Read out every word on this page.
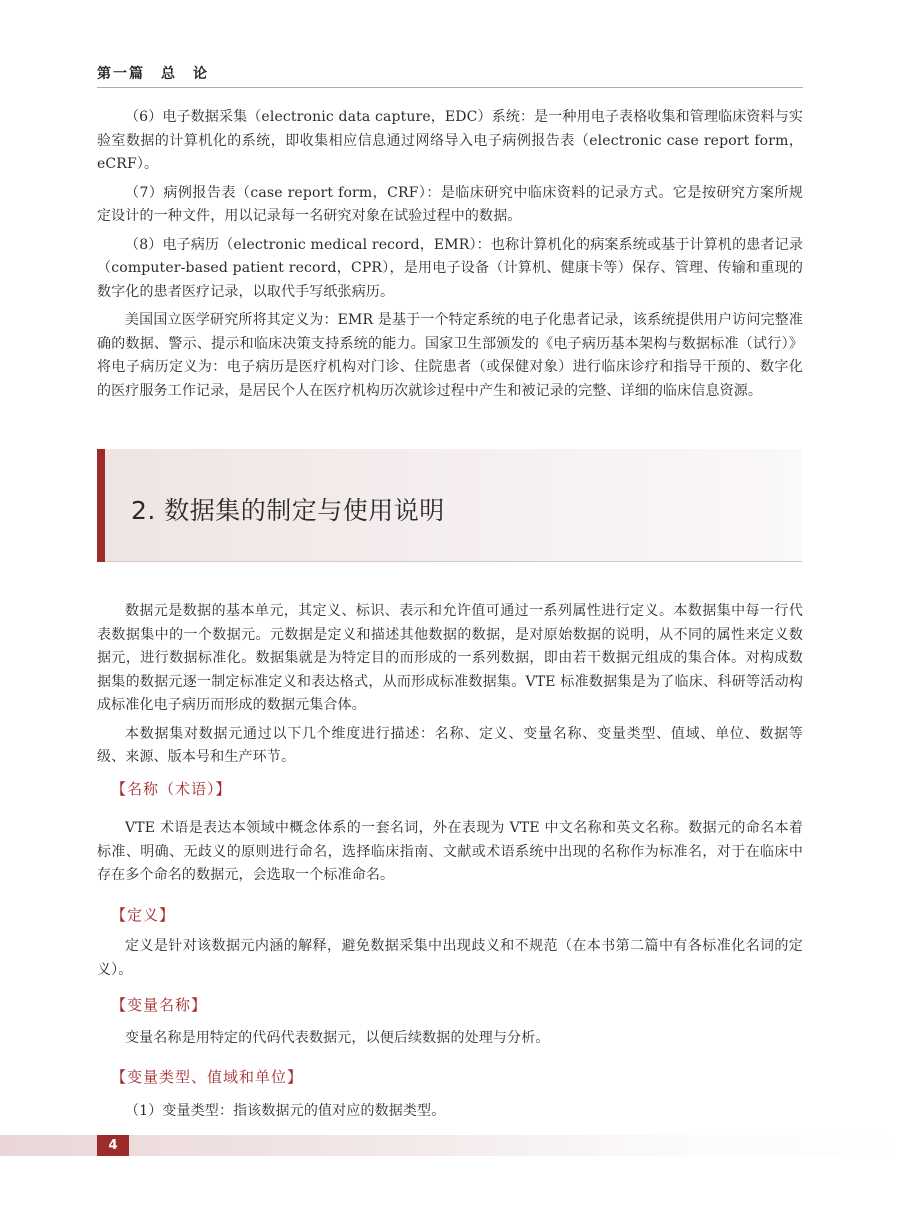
第一篇　总　论

（6）电子数据采集（electronic data capture，EDC）系统：是一种用电子表格收集和管理临床资料与实验室数据的计算机化的系统，即收集相应信息通过网络导入电子病例报告表（electronic case report form，eCRF）。

（7）病例报告表（case report form，CRF）：是临床研究中临床资料的记录方式。它是按研究方案所规定设计的一种文件，用以记录每一名研究对象在试验过程中的数据。

（8）电子病历（electronic medical record，EMR）：也称计算机化的病案系统或基于计算机的患者记录（computer-based patient record，CPR），是用电子设备（计算机、健康卡等）保存、管理、传输和重现的数字化的患者医疗记录，以取代手写纸张病历。

美国国立医学研究所将其定义为：EMR 是基于一个特定系统的电子化患者记录，该系统提供用户访问完整准确的数据、警示、提示和临床决策支持系统的能力。国家卫生部颁发的《电子病历基本架构与数据标准（试行）》将电子病历定义为：电子病历是医疗机构对门诊、住院患者（或保健对象）进行临床诊疗和指导干预的、数字化的医疗服务工作记录，是居民个人在医疗机构历次就诊过程中产生和被记录的完整、详细的临床信息资源。

2. 数据集的制定与使用说明

数据元是数据的基本单元，其定义、标识、表示和允许值可通过一系列属性进行定义。本数据集中每一行代表数据集中的一个数据元。元数据是定义和描述其他数据的数据，是对原始数据的说明，从不同的属性来定义数据元，进行数据标准化。数据集就是为特定目的而形成的一系列数据，即由若干数据元组成的集合体。对构成数据集的数据元逐一制定标准定义和表达格式，从而形成标准数据集。VTE 标准数据集是为了临床、科研等活动构成标准化电子病历而形成的数据元集合体。

本数据集对数据元通过以下几个维度进行描述：名称、定义、变量名称、变量类型、值域、单位、数据等级、来源、版本号和生产环节。

【名称（术语）】

VTE 术语是表达本领域中概念体系的一套名词，外在表现为 VTE 中文名称和英文名称。数据元的命名本着标准、明确、无歧义的原则进行命名，选择临床指南、文献或术语系统中出现的名称作为标准名，对于在临床中存在多个命名的数据元，会选取一个标准命名。

【定义】

定义是针对该数据元内涵的解释，避免数据采集中出现歧义和不规范（在本书第二篇中有各标准化名词的定义）。

【变量名称】

变量名称是用特定的代码代表数据元，以便后续数据的处理与分析。

【变量类型、值域和单位】

（1）变量类型：指该数据元的值对应的数据类型。

4
